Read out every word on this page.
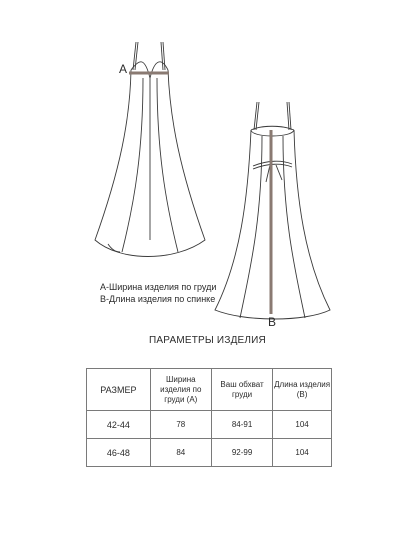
A
B
А-Ширина изделия по груди
В-Длина изделия по спинке
ПАРАМЕТРЫ ИЗДЕЛИЯ
РАЗМЕР	Ширина изделия по груди (А)	Ваш обхват груди	Длина изделия (В)
42-44	78	84-91	104
46-48	84	92-99	104
